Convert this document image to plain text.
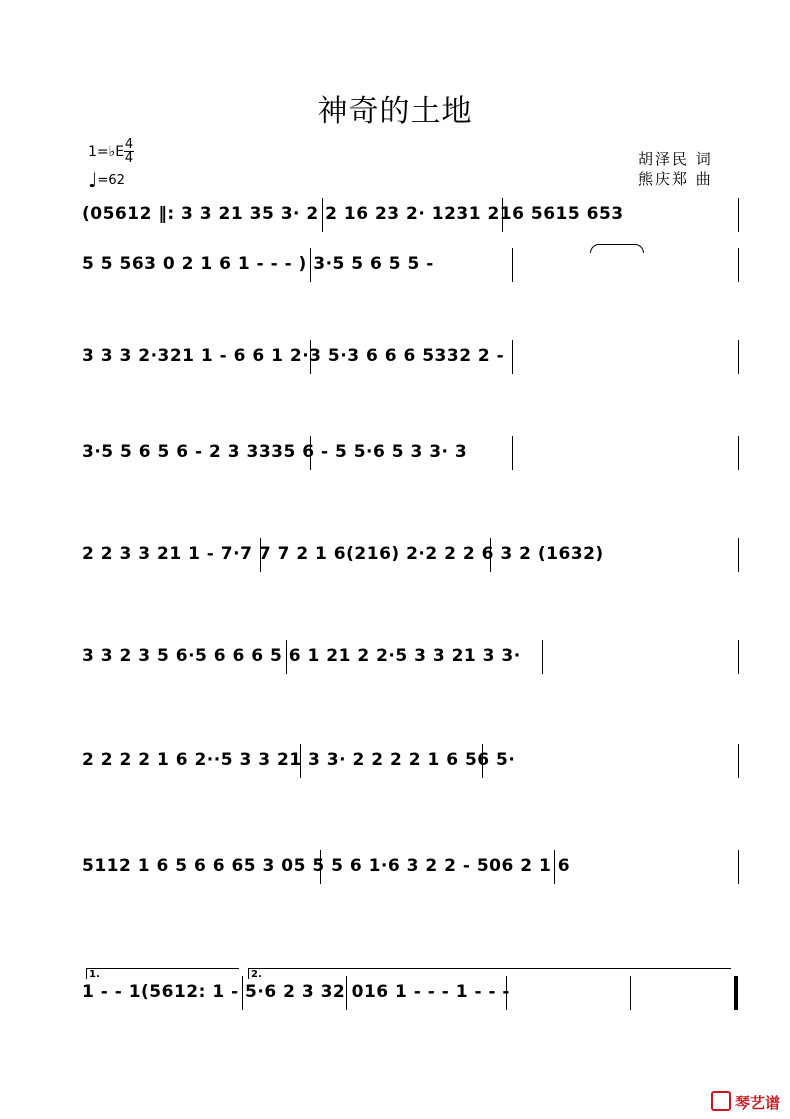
神奇的土地
1=♭E 4
4
♩=62
胡泽民 词
熊庆郑 曲
(05612 ‖: 3 3 21 35 3· 2 2 16 23 2· 1231 216 5615 653
5 5 563 0 2 1 6 1 - - - ) 3·5 5 6 5 5 -
3 3 3 2·321 1 - 6 6 1 2·3 5·3 6 6 6 5332 2 -
3·5 5 6 5 6 - 2 3 3335 6 - 5 5·6 5 3 3· 3
2 2 3 3 21 1 - 7·7 7 7 2 1 6(216) 2·2 2 2 6 3 2 (1632)
3 3 2 3 5 6·5 6 6 6 5 6 1 21 2 2·5 3 3 21 3 3·
2 2 2 2 1 6 2··5 3 3 21 3 3· 2 2 2 2 1 6 56 5·
5112 1 6 5 6 6 65 3 05 5 5 6 1·6 3 2 2 - 506 2 1 6
1 - - 1(5612: 1 - 5·6 2 3 32 016 1 - - - 1 - - -
1.	2.
琴艺谱
